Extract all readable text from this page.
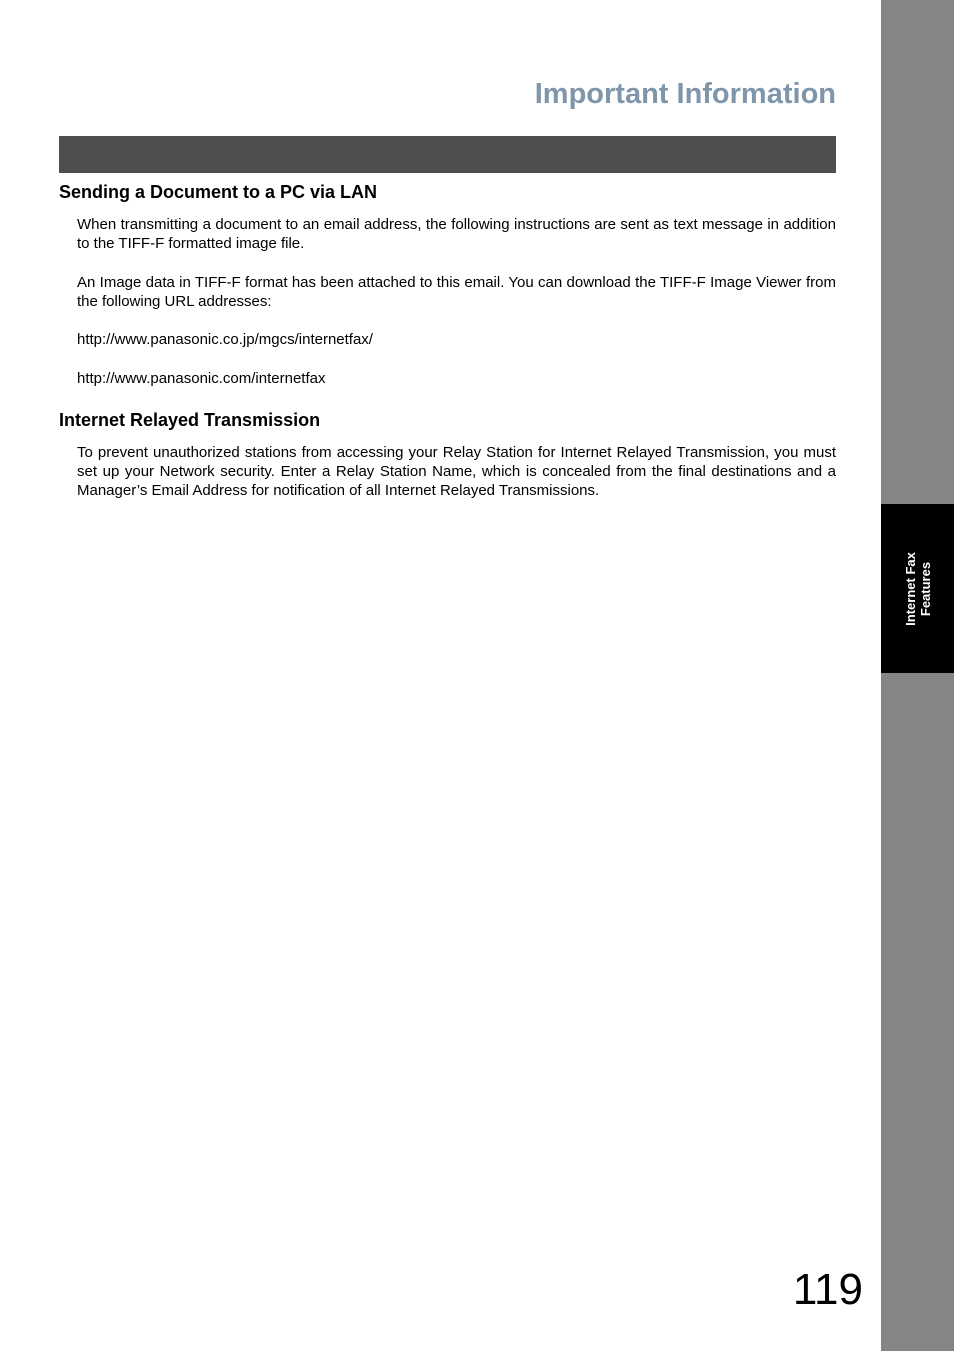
Internet Fax Features
Important Information
Sending a Document to a PC via LAN

When transmitting a document to an email address, the following instructions are sent as text message in addition to the TIFF-F formatted image file.

An Image data in TIFF-F format has been attached to this email. You can download the TIFF-F Image Viewer from the following URL addresses:

http://www.panasonic.co.jp/mgcs/internetfax/

http://www.panasonic.com/internetfax

Internet Relayed Transmission

To prevent unauthorized stations from accessing your Relay Station for Internet Relayed Transmission, you must set up your Network security. Enter a Relay Station Name, which is concealed from the final destinations and a Manager’s Email Address for notification of all Internet Relayed Transmissions.

119
